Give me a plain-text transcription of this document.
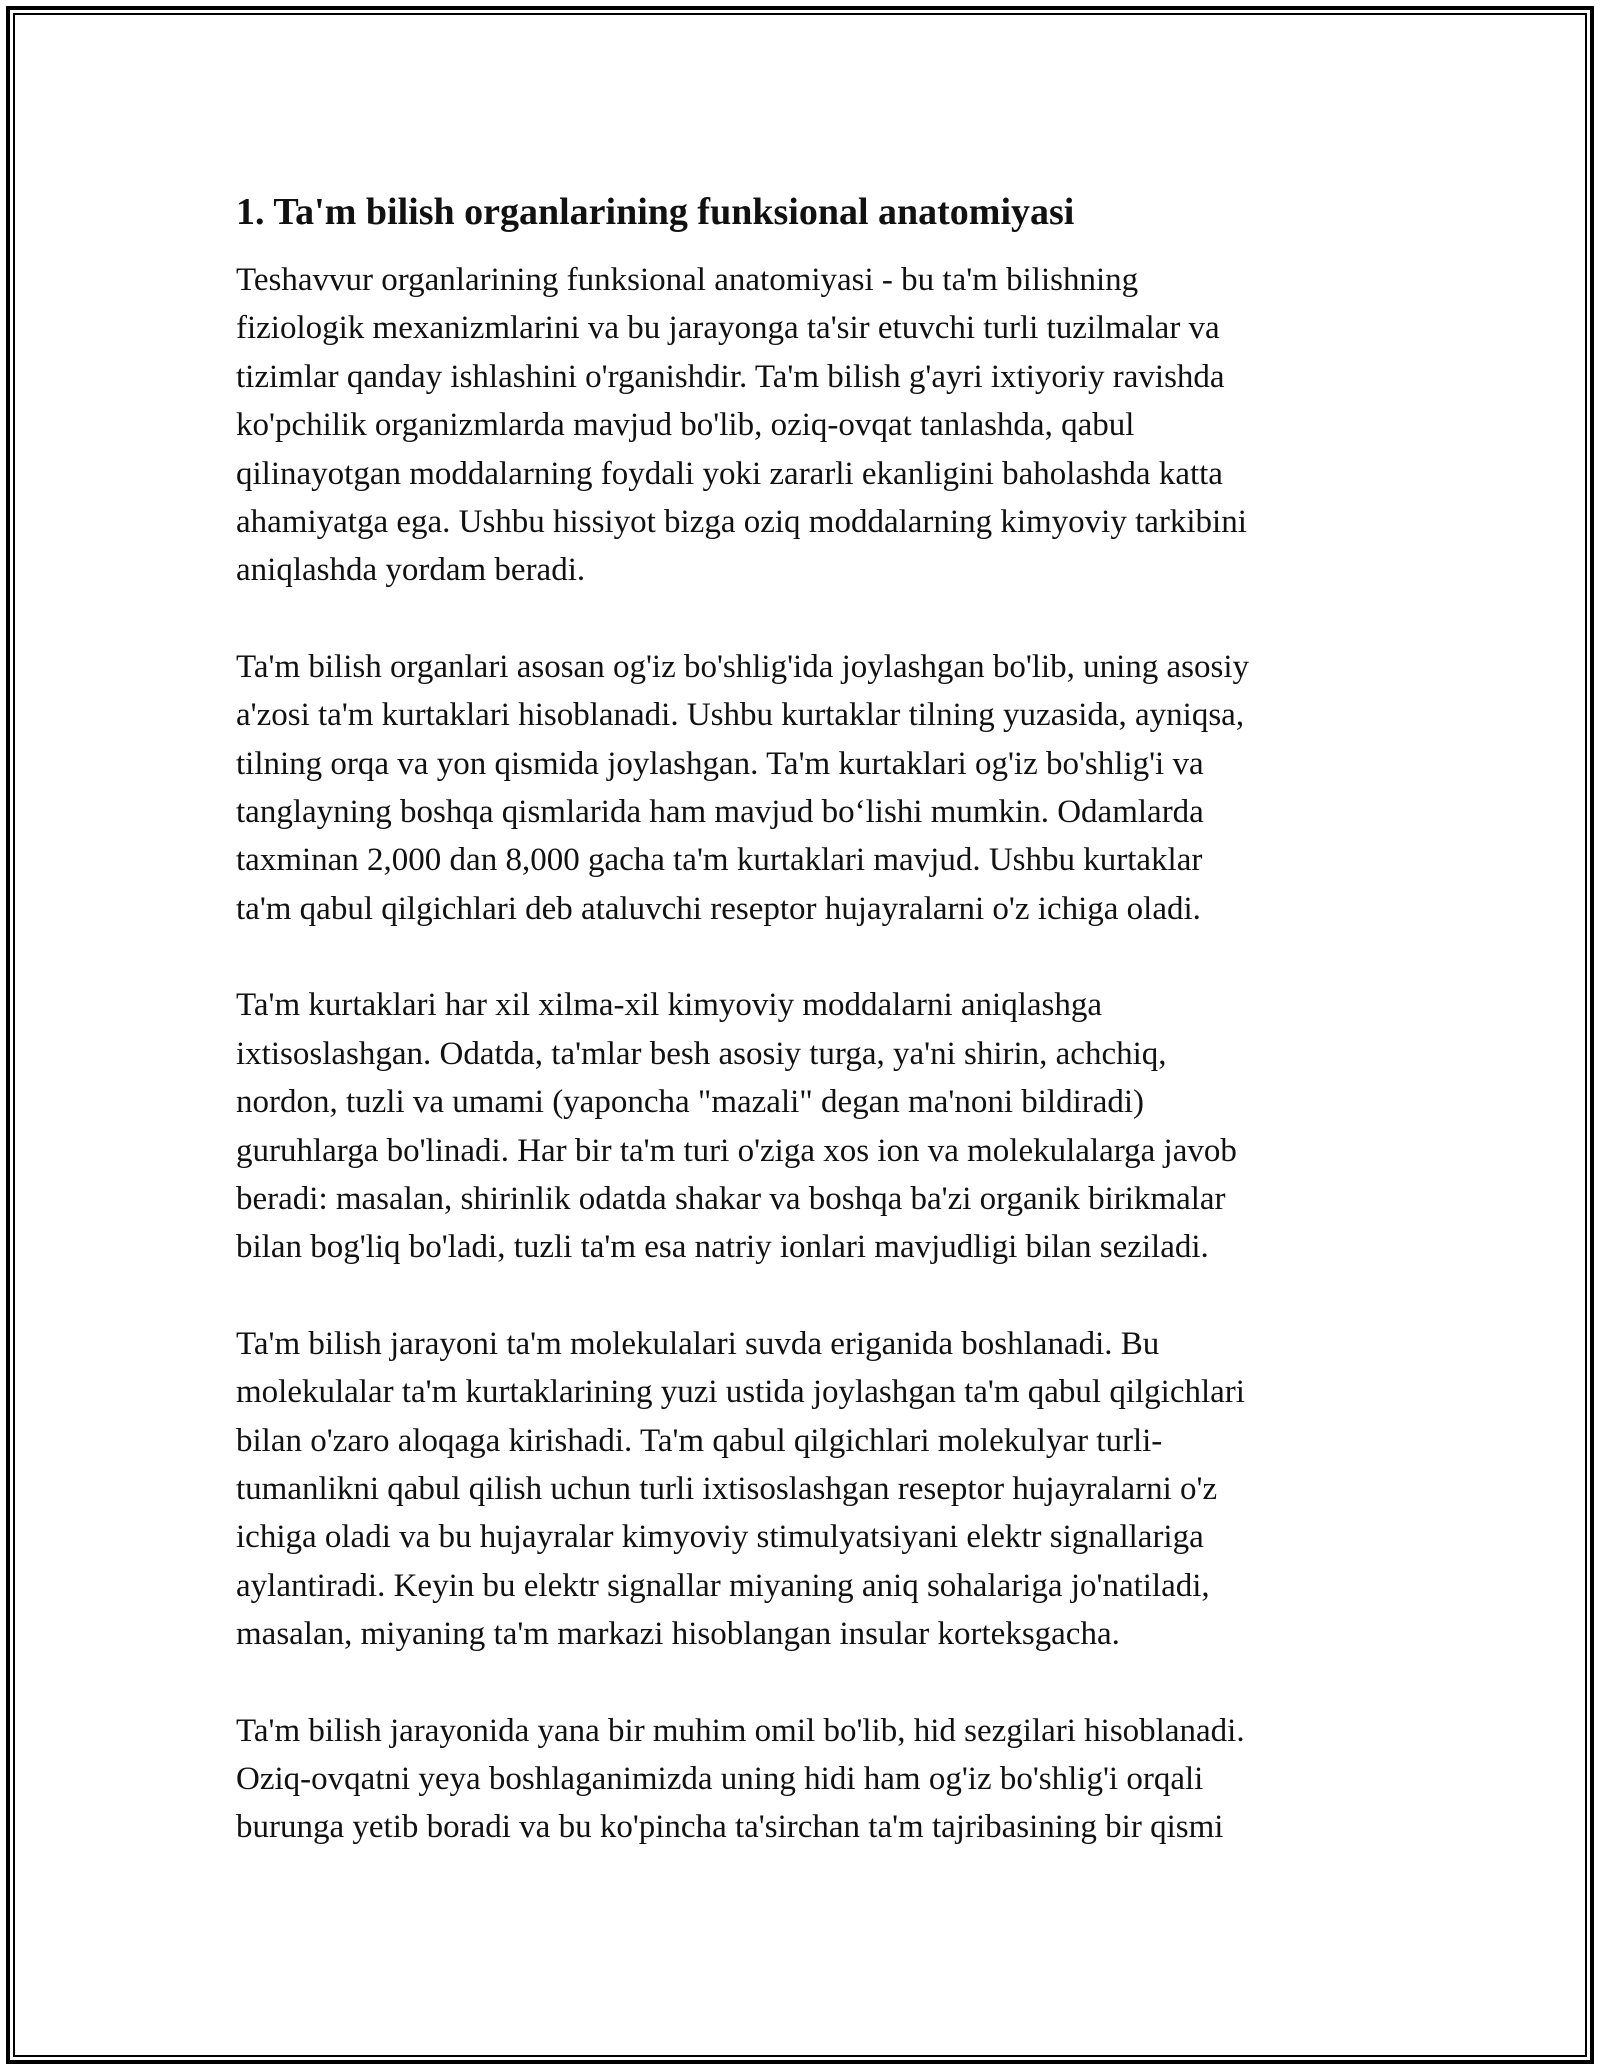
1. Ta'm bilish organlarining funksional anatomiyasi

Teshavvur organlarining funksional anatomiyasi - bu ta'm bilishning
fiziologik mexanizmlarini va bu jarayonga ta'sir etuvchi turli tuzilmalar va
tizimlar qanday ishlashini o'rganishdir. Ta'm bilish g'ayri ixtiyoriy ravishda
ko'pchilik organizmlarda mavjud bo'lib, oziq-ovqat tanlashda, qabul
qilinayotgan moddalarning foydali yoki zararli ekanligini baholashda katta
ahamiyatga ega. Ushbu hissiyot bizga oziq moddalarning kimyoviy tarkibini
aniqlashda yordam beradi.

Ta'm bilish organlari asosan og'iz bo'shlig'ida joylashgan bo'lib, uning asosiy
a'zosi ta'm kurtaklari hisoblanadi. Ushbu kurtaklar tilning yuzasida, ayniqsa,
tilning orqa va yon qismida joylashgan. Ta'm kurtaklari og'iz bo'shlig'i va
tanglayning boshqa qismlarida ham mavjud bo‘lishi mumkin. Odamlarda
taxminan 2,000 dan 8,000 gacha ta'm kurtaklari mavjud. Ushbu kurtaklar
ta'm qabul qilgichlari deb ataluvchi reseptor hujayralarni o'z ichiga oladi.

Ta'm kurtaklari har xil xilma-xil kimyoviy moddalarni aniqlashga
ixtisoslashgan. Odatda, ta'mlar besh asosiy turga, ya'ni shirin, achchiq,
nordon, tuzli va umami (yaponcha "mazali" degan ma'noni bildiradi)
guruhlarga bo'linadi. Har bir ta'm turi o'ziga xos ion va molekulalarga javob
beradi: masalan, shirinlik odatda shakar va boshqa ba'zi organik birikmalar
bilan bog'liq bo'ladi, tuzli ta'm esa natriy ionlari mavjudligi bilan seziladi.

Ta'm bilish jarayoni ta'm molekulalari suvda eriganida boshlanadi. Bu
molekulalar ta'm kurtaklarining yuzi ustida joylashgan ta'm qabul qilgichlari
bilan o'zaro aloqaga kirishadi. Ta'm qabul qilgichlari molekulyar turli-
tumanlikni qabul qilish uchun turli ixtisoslashgan reseptor hujayralarni o'z
ichiga oladi va bu hujayralar kimyoviy stimulyatsiyani elektr signallariga
aylantiradi. Keyin bu elektr signallar miyaning aniq sohalariga jo'natiladi,
masalan, miyaning ta'm markazi hisoblangan insular korteksgacha.

Ta'm bilish jarayonida yana bir muhim omil bo'lib, hid sezgilari hisoblanadi.
Oziq-ovqatni yeya boshlaganimizda uning hidi ham og'iz bo'shlig'i orqali
burunga yetib boradi va bu ko'pincha ta'sirchan ta'm tajribasining bir qismi
